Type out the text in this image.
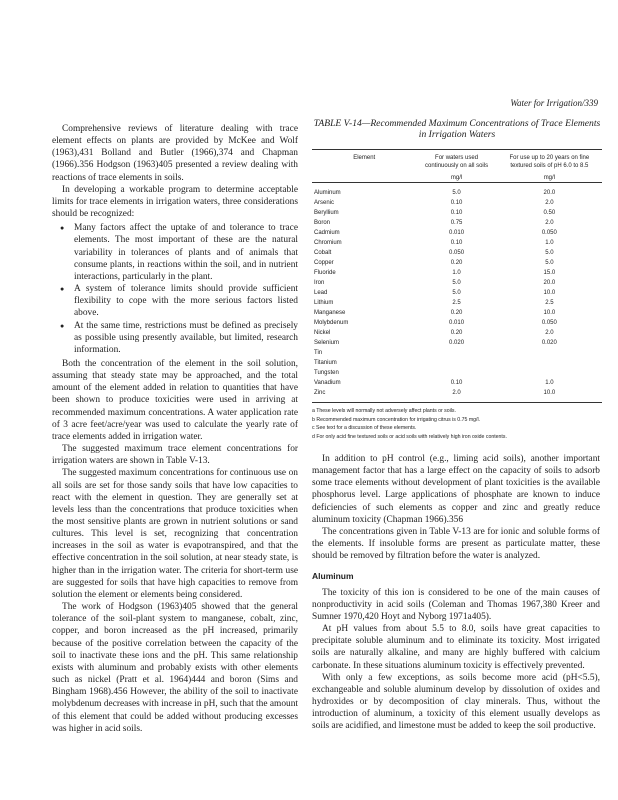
Water for Irrigation/339

Comprehensive reviews of literature dealing with trace element effects on plants are provided by McKee and Wolf (1963),431 Bolland and Butler (1966),374 and Chapman (1966).356 Hodgson (1963)405 presented a review dealing with reactions of trace elements in soils.

In developing a workable program to determine acceptable limits for trace elements in irrigation waters, three considerations should be recognized:

● Many factors affect the uptake of and tolerance to trace elements. The most important of these are the natural variability in tolerances of plants and of animals that consume plants, in reactions within the soil, and in nutrient interactions, particularly in the plant.
● A system of tolerance limits should provide sufficient flexibility to cope with the more serious factors listed above.
● At the same time, restrictions must be defined as precisely as possible using presently available, but limited, research information.

Both the concentration of the element in the soil solution, assuming that steady state may be approached, and the total amount of the element added in relation to quantities that have been shown to produce toxicities were used in arriving at recommended maximum concentrations. A water application rate of 3 acre feet/acre/year was used to calculate the yearly rate of trace elements added in irrigation water.

The suggested maximum trace element concentrations for irrigation waters are shown in Table V-13.

The suggested maximum concentrations for continuous use on all soils are set for those sandy soils that have low capacities to react with the element in question. They are generally set at levels less than the concentrations that produce toxicities when the most sensitive plants are grown in nutrient solutions or sand cultures. This level is set, recognizing that concentration increases in the soil as water is evapotranspired, and that the effective concentration in the soil solution, at near steady state, is higher than in the irrigation water. The criteria for short-term use are suggested for soils that have high capacities to remove from solution the element or elements being considered.

The work of Hodgson (1963)405 showed that the general tolerance of the soil-plant system to manganese, cobalt, zinc, copper, and boron increased as the pH increased, primarily because of the positive correlation between the capacity of the soil to inactivate these ions and the pH. This same relationship exists with aluminum and probably exists with other elements such as nickel (Pratt et al. 1964)444 and boron (Sims and Bingham 1968).456 However, the ability of the soil to inactivate molybdenum decreases with increase in pH, such that the amount of this element that could be added without producing excesses was higher in acid soils.

TABLE V-14—Recommended Maximum Concentrations of Trace Elements in Irrigation Waters
Element	For waters used continuously on all soils	For use up to 20 years on fine textured soils of pH 6.0 to 8.5
	mg/l	mg/l

Aluminum	5.0	20.0
Arsenic	0.10	2.0
Beryllium	0.10	0.50
Boron	0.75	2.0
Cadmium	0.010	0.050
Chromium	0.10	1.0
Cobalt	0.050	5.0
Copper	0.20	5.0
Fluoride	1.0	15.0
Iron	5.0	20.0
Lead	5.0	10.0
Lithium	2.5	2.5
Manganese	0.20	10.0
Molybdenum	0.010	0.050
Nickel	0.20	2.0
Selenium	0.020	0.020
Tin		
Titanium		
Tungsten		
Vanadium	0.10	1.0
Zinc	2.0	10.0
a These levels will normally not adversely affect plants or soils.
b Recommended maximum concentration for irrigating citrus is 0.75 mg/l.
c See text for a discussion of these elements.
d For only acid fine textured soils or acid soils with relatively high iron oxide contents.

In addition to pH control (e.g., liming acid soils), another important management factor that has a large effect on the capacity of soils to adsorb some trace elements without development of plant toxicities is the available phosphorus level. Large applications of phosphate are known to induce deficiencies of such elements as copper and zinc and greatly reduce aluminum toxicity (Chapman 1966).356

The concentrations given in Table V-13 are for ionic and soluble forms of the elements. If insoluble forms are present as particulate matter, these should be removed by filtration before the water is analyzed.

Aluminum

The toxicity of this ion is considered to be one of the main causes of nonproductivity in acid soils (Coleman and Thomas 1967,380 Kreer and Sumner 1970,420 Hoyt and Nyborg 1971a405).

At pH values from about 5.5 to 8.0, soils have great capacities to precipitate soluble aluminum and to eliminate its toxicity. Most irrigated soils are naturally alkaline, and many are highly buffered with calcium carbonate. In these situations aluminum toxicity is effectively prevented.

With only a few exceptions, as soils become more acid (pH<5.5), exchangeable and soluble aluminum develop by dissolution of oxides and hydroxides or by decomposition of clay minerals. Thus, without the introduction of aluminum, a toxicity of this element usually develops as soils are acidified, and limestone must be added to keep the soil productive.
